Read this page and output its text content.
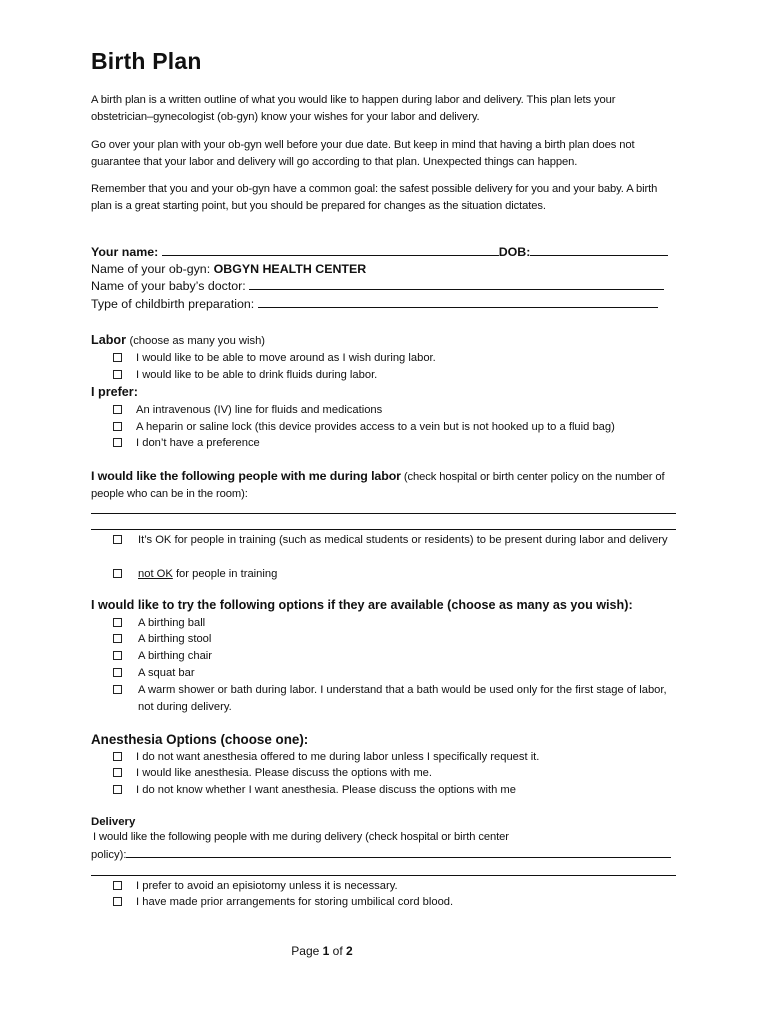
Birth Plan
A birth plan is a written outline of what you would like to happen during labor and delivery. This plan lets your obstetrician–gynecologist (ob-gyn) know your wishes for your labor and delivery.
Go over your plan with your ob-gyn well before your due date. But keep in mind that having a birth plan does not guarantee that your labor and delivery will go according to that plan. Unexpected things can happen.
Remember that you and your ob-gyn have a common goal: the safest possible delivery for you and your baby. A birth plan is a great starting point, but you should be prepared for changes as the situation dictates.
Your name:	DOB:
Name of your ob-gyn: OBGYN HEALTH CENTER
Name of your baby’s doctor:
Type of childbirth preparation:
Labor (choose as many you wish)
I would like to be able to move around as I wish during labor.
I would like to be able to drink fluids during labor.
I prefer:
An intravenous (IV) line for fluids and medications
A heparin or saline lock (this device provides access to a vein but is not hooked up to a fluid bag)
I don’t have a preference
I would like the following people with me during labor (check hospital or birth center policy on the number of people who can be in the room):
It’s OK for people in training (such as medical students or residents) to be present during labor and delivery
not OK for people in training
I would like to try the following options if they are available (choose as many as you wish):
A birthing ball
A birthing stool
A birthing chair
A squat bar
A warm shower or bath during labor. I understand that a bath would be used only for the first stage of labor, not during delivery.
Anesthesia Options (choose one):
I do not want anesthesia offered to me during labor unless I specifically request it.
I would like anesthesia. Please discuss the options with me.
I do not know whether I want anesthesia. Please discuss the options with me
Delivery
I would like the following people with me during delivery (check hospital or birth center
policy):
I prefer to avoid an episiotomy unless it is necessary.
I have made prior arrangements for storing umbilical cord blood.
Page 1 of 2
